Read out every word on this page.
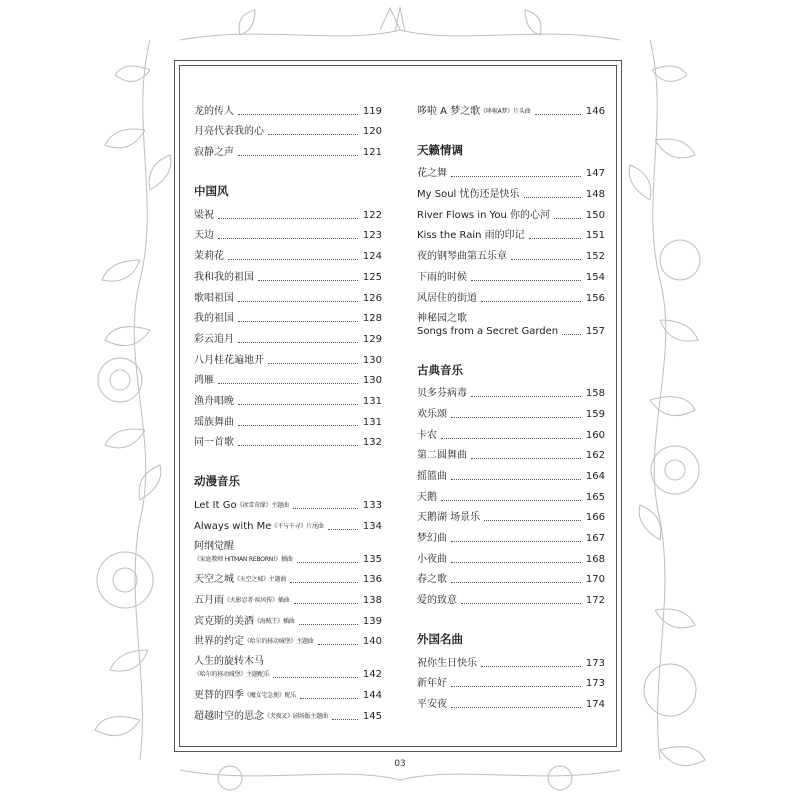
龙的传人	119
月亮代表我的心	120
寂静之声	121
中国风
梁祝	122
天边	123
茉莉花	124
我和我的祖国	125
歌唱祖国	126
我的祖国	128
彩云追月	129
八月桂花遍地开	130
鸿雁	130
渔舟唱晚	131
瑶族舞曲	131
同一首歌	132
动漫音乐
Let It Go 《冰雪奇缘》主题曲	133
Always with Me 《千与千寻》片尾曲	134
阿纲觉醒
《家庭教师 HITMAN REBORN!》插曲	135
天空之城 《天空之城》主题曲	136
五月雨 《火影忍者·疾风传》插曲	138
宾克斯的美酒 《海贼王》插曲	139
世界的约定 《哈尔的移动城堡》主题曲	140
人生的旋转木马
《哈尔的移动城堡》主题配乐	142
更替的四季 《魔女宅急便》配乐	144
超越时空的思念 《犬夜叉》剧场版主题曲	145
哆啦 A 梦之歌 《哆啦A梦》片头曲	146
天籁情调
花之舞	147
My Soul 忧伤还是快乐	148
River Flows in You 你的心河	150
Kiss the Rain 雨的印记	151
夜的钢琴曲第五乐章	152
下雨的时候	154
风居住的街道	156
神秘园之歌
Songs from a Secret Garden	157
古典音乐
贝多芬病毒	158
欢乐颂	159
卡农	160
第二圆舞曲	162
摇篮曲	164
天鹅	165
天鹅湖 场景乐	166
梦幻曲	167
小夜曲	168
春之歌	170
爱的致意	172
外国名曲
祝你生日快乐	173
新年好	173
平安夜	174
03
